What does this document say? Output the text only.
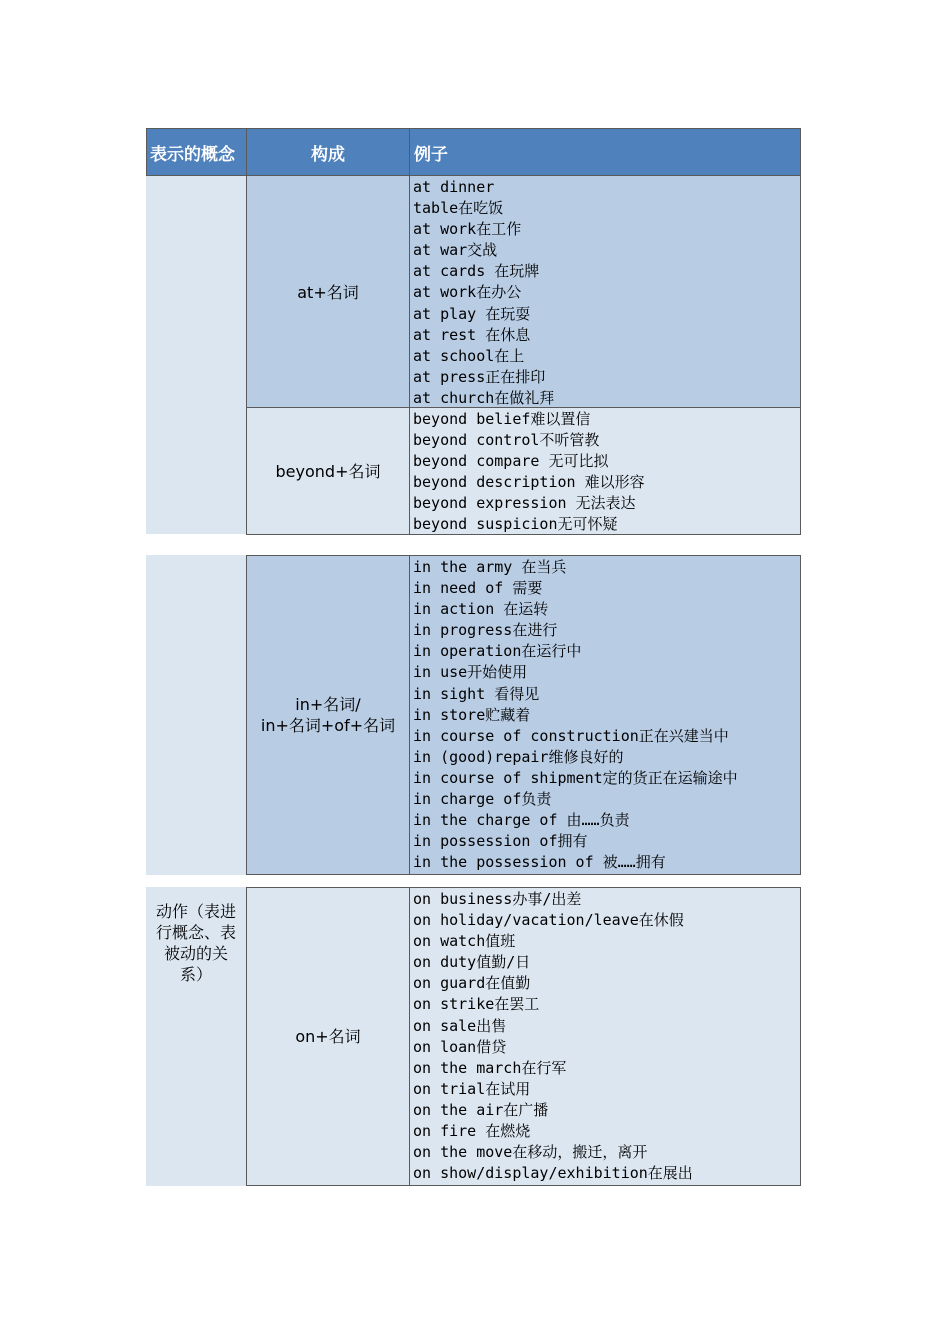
表示的概念	构成	例子
at+名词
at dinner
table在吃饭
at work在工作
at war交战
at cards 在玩牌
at work在办公
at play 在玩耍
at rest 在休息
at school在上
at press正在排印
at church在做礼拜
beyond+名词
beyond belief难以置信
beyond control不听管教
beyond compare 无可比拟
beyond description 难以形容
beyond expression 无法表达
beyond suspicion无可怀疑
in+名词/
in+名词+of+名词
in the army 在当兵
in need of 需要
in action 在运转
in progress在进行
in operation在运行中
in use开始使用
in sight 看得见
in store贮藏着
in course of construction正在兴建当中
in (good)repair维修良好的
in course of shipment定的货正在运输途中
in charge of负责
in the charge of 由……负责
in possession of拥有
in the possession of 被……拥有
动作（表进
行概念、表
被动的关
系）
on+名词
on business办事/出差
on holiday/vacation/leave在休假
on watch值班
on duty值勤/日
on guard在值勤
on strike在罢工
on sale出售
on loan借贷
on the march在行军
on trial在试用
on the air在广播
on fire 在燃烧
on the move在移动，搬迁，离开
on show/display/exhibition在展出
